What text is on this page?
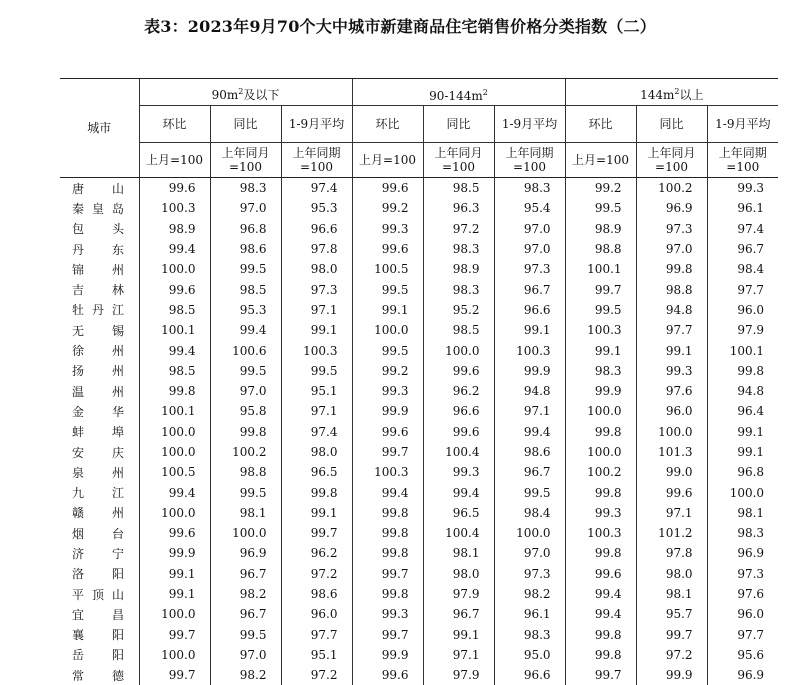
表3：2023年9月70个大中城市新建商品住宅销售价格分类指数（二）
城市	$90m^2$及以下			$90-144m^2$			$144m^2$以上		
	环比	同比	1-9月平均	环比	同比	1-9月平均	环比	同比	1-9月平均
	上月=100	上年同月=100	上年同期=100	上月=100	上年同月=100	上年同期=100	上月=100	上年同月=100	上年同期=100
唐山	99.6	98.3	97.4	99.6	98.5	98.3	99.2	100.2	99.3
秦皇岛	100.3	97.0	95.3	99.2	96.3	95.4	99.5	96.9	96.1
包头	98.9	96.8	96.6	99.3	97.2	97.0	98.9	97.3	97.4
丹东	99.4	98.6	97.8	99.6	98.3	97.0	98.8	97.0	96.7
锦州	100.0	99.5	98.0	100.5	98.9	97.3	100.1	99.8	98.4
吉林	99.6	98.5	97.3	99.5	98.3	96.7	99.7	98.8	97.7
牡丹江	98.5	95.3	97.1	99.1	95.2	96.6	99.5	94.8	96.0
无锡	100.1	99.4	99.1	100.0	98.5	99.1	100.3	97.7	97.9
徐州	99.4	100.6	100.3	99.5	100.0	100.3	99.1	99.1	100.1
扬州	98.5	99.5	99.5	99.2	99.6	99.9	98.3	99.3	99.8
温州	99.8	97.0	95.1	99.3	96.2	94.8	99.9	97.6	94.8
金华	100.1	95.8	97.1	99.9	96.6	97.1	100.0	96.0	96.4
蚌埠	100.0	99.8	97.4	99.6	99.6	99.4	99.8	100.0	99.1
安庆	100.0	100.2	98.0	99.7	100.4	98.6	100.0	101.3	99.1
泉州	100.5	98.8	96.5	100.3	99.3	96.7	100.2	99.0	96.8
九江	99.4	99.5	99.8	99.4	99.4	99.5	99.8	99.6	100.0
赣州	100.0	98.1	99.1	99.8	96.5	98.4	99.3	97.1	98.1
烟台	99.6	100.0	99.7	99.8	100.4	100.0	100.3	101.2	98.3
济宁	99.9	96.9	96.2	99.8	98.1	97.0	99.8	97.8	96.9
洛阳	99.1	96.7	97.2	99.7	98.0	97.3	99.6	98.0	97.3
平顶山	99.1	98.2	98.6	99.8	97.9	98.2	99.4	98.1	97.6
宜昌	100.0	96.7	96.0	99.3	96.7	96.1	99.4	95.7	96.0
襄阳	99.7	99.5	97.7	99.7	99.1	98.3	99.8	99.7	97.7
岳阳	100.0	97.0	95.1	99.9	97.1	95.0	99.8	97.2	95.6
常德	99.7	98.2	97.2	99.6	97.9	96.6	99.7	99.9	96.9
